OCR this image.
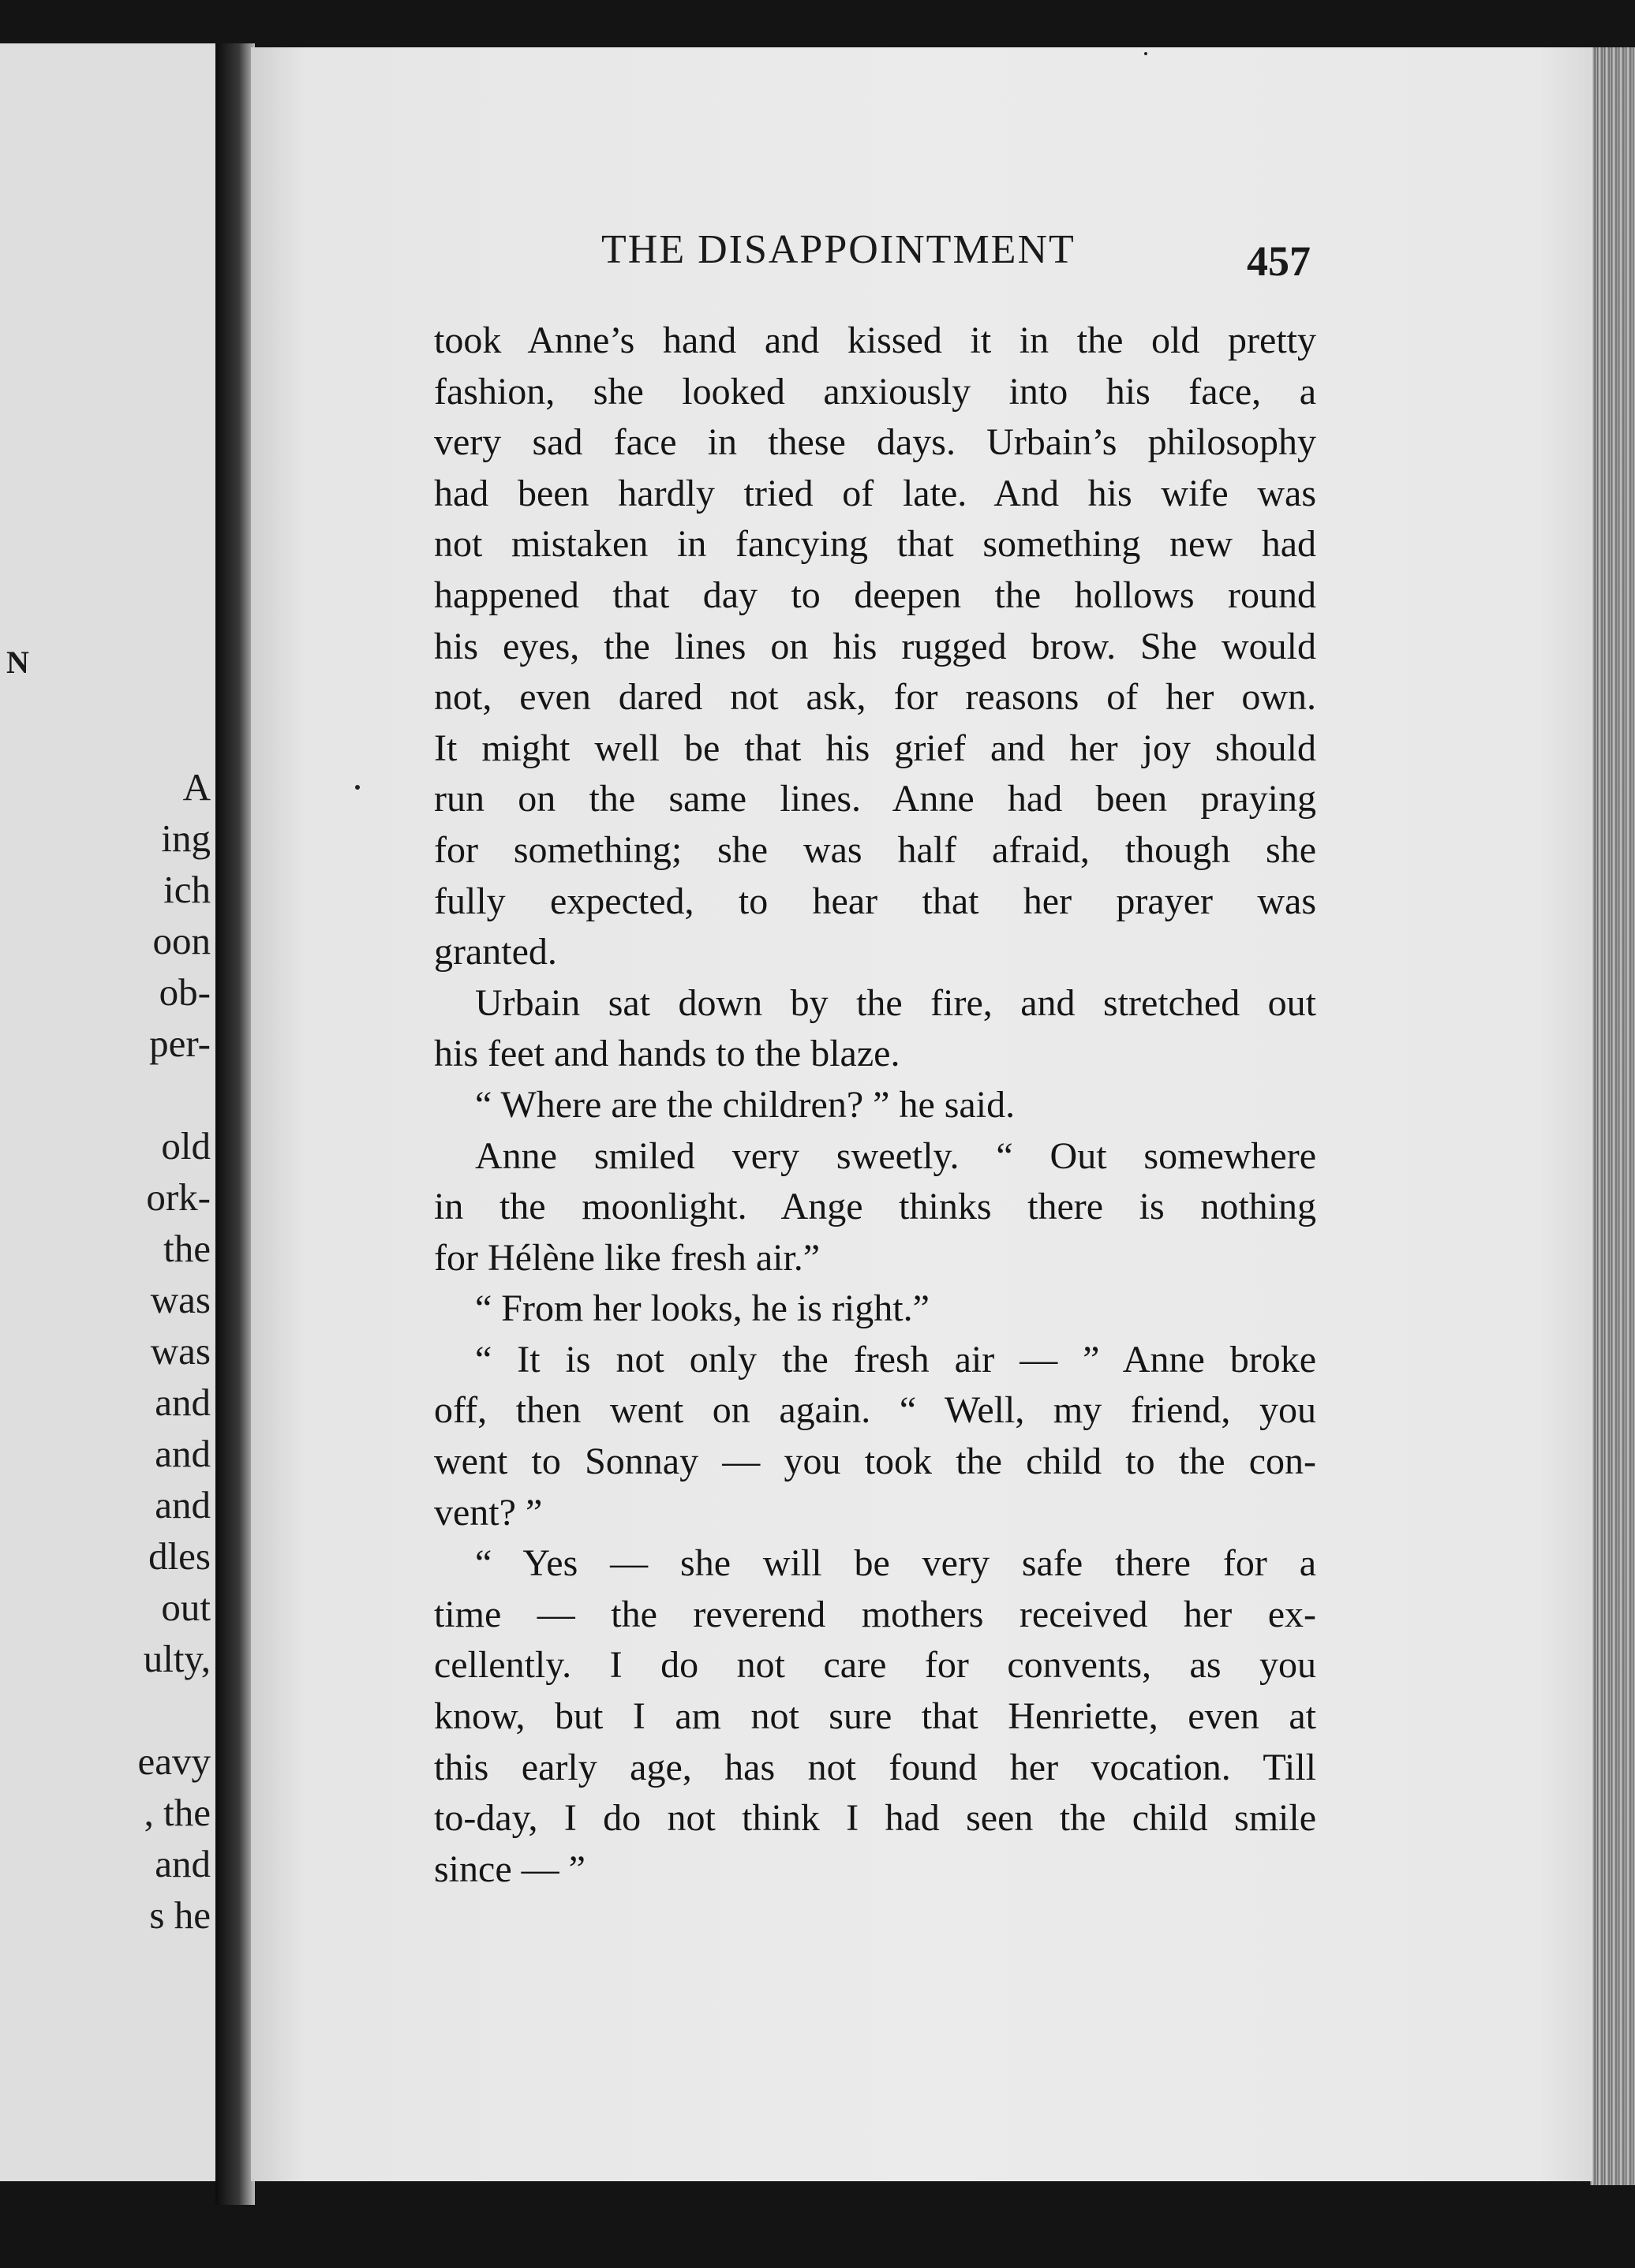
N
A
ing
ich
oon
ob-
per-
old
ork-
the
was
was
and
and
and
dles
out
ulty,
eavy
, the
and
s he
THE DISAPPOINTMENT	457
took Anne’s hand and kissed it in the old pretty
fashion, she looked anxiously into his face, a
very sad face in these days. Urbain’s philosophy
had been hardly tried of late. And his wife was
not mistaken in fancying that something new had
happened that day to deepen the hollows round
his eyes, the lines on his rugged brow. She would
not, even dared not ask, for reasons of her own.
It might well be that his grief and her joy should
run on the same lines. Anne had been praying
for something; she was half afraid, though she
fully expected, to hear that her prayer was
granted.
Urbain sat down by the fire, and stretched out
his feet and hands to the blaze.
“ Where are the children? ” he said.
Anne smiled very sweetly. “ Out somewhere
in the moonlight. Ange thinks there is nothing
for Hélène like fresh air.”
“ From her looks, he is right.”
“ It is not only the fresh air — ” Anne broke
off, then went on again. “ Well, my friend, you
went to Sonnay — you took the child to the con-
vent? ”
“ Yes — she will be very safe there for a
time — the reverend mothers received her ex-
cellently. I do not care for convents, as you
know, but I am not sure that Henriette, even at
this early age, has not found her vocation. Till
to-day, I do not think I had seen the child smile
since — ”
